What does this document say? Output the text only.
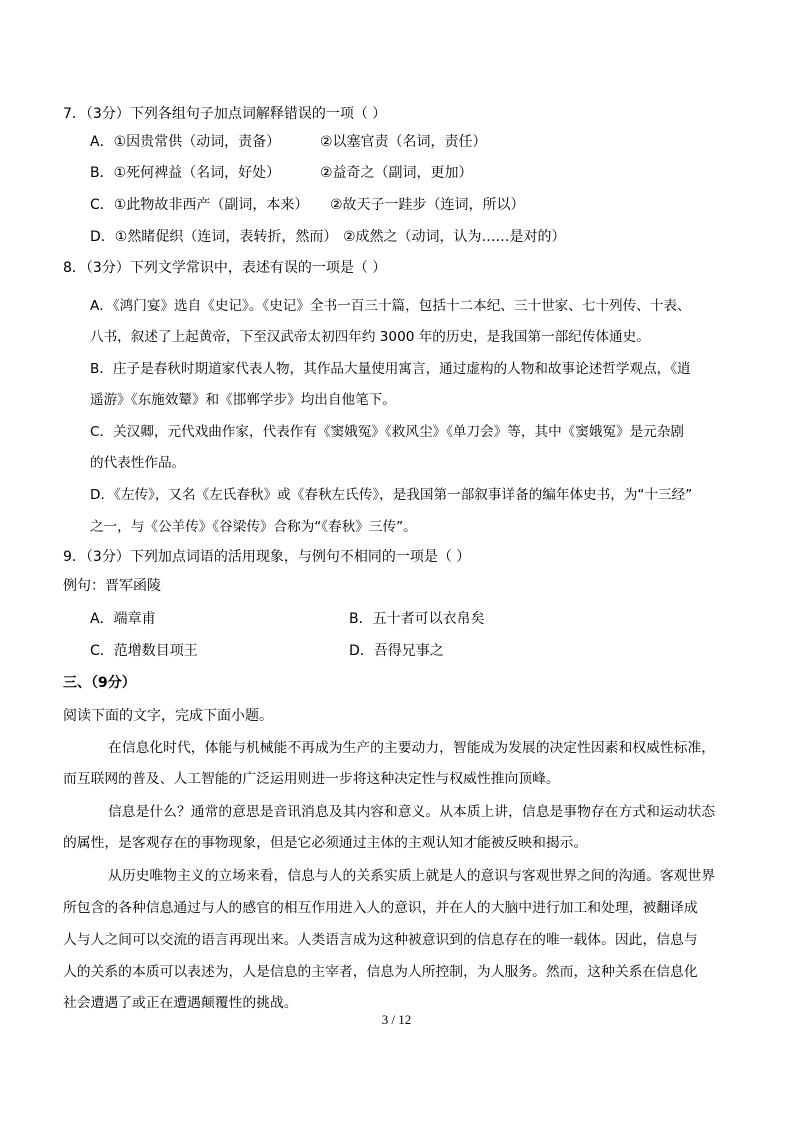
7．（3分）下列各组句子加点词解释错误的一项（ ）
A．①因贵常供（动词，责备）	②以塞官责（名词，责任）
B．①死何裨益（名词，好处）	②益奇之（副词，更加）
C．①此物故非西产（副词，本来） ②故天子一跬步（连词，所以）
D．①然睹促织（连词，表转折，然而） ②成然之（动词，认为……是对的）
8．（3分）下列文学常识中，表述有误的一项是（ ）
A．《鸿门宴》选自《史记》。《史记》全书一百三十篇，包括十二本纪、三十世家、七十列传、十表、
八书，叙述了上起黄帝，下至汉武帝太初四年约 3000 年的历史，是我国第一部纪传体通史。
B．庄子是春秋时期道家代表人物，其作品大量使用寓言，通过虚构的人物和故事论述哲学观点，《逍
遥游》《东施效颦》和《邯郸学步》均出自他笔下。
C．关汉卿，元代戏曲作家，代表作有《窦娥冤》《救风尘》《单刀会》等，其中《窦娥冤》是元杂剧
的代表性作品。
D．《左传》，又名《左氏春秋》或《春秋左氏传》，是我国第一部叙事详备的编年体史书，为“十三经”
之一，与《公羊传》《谷梁传》合称为“《春秋》三传”。
9．（3分）下列加点词语的活用现象，与例句不相同的一项是（ ）
例句：晋军函陵
A．端章甫	B．五十者可以衣帛矣
C．范增数目项王	D．吾得兄事之
三、（9分）
阅读下面的文字，完成下面小题。
在信息化时代，体能与机械能不再成为生产的主要动力，智能成为发展的决定性因素和权威性标准，
而互联网的普及、人工智能的广泛运用则进一步将这种决定性与权威性推向顶峰。
信息是什么？通常的意思是音讯消息及其内容和意义。从本质上讲，信息是事物存在方式和运动状态
的属性，是客观存在的事物现象，但是它必须通过主体的主观认知才能被反映和揭示。
从历史唯物主义的立场来看，信息与人的关系实质上就是人的意识与客观世界之间的沟通。客观世界
所包含的各种信息通过与人的感官的相互作用进入人的意识，并在人的大脑中进行加工和处理，被翻译成
人与人之间可以交流的语言再现出来。人类语言成为这种被意识到的信息存在的唯一载体。因此，信息与
人的关系的本质可以表述为，人是信息的主宰者，信息为人所控制，为人服务。然而，这种关系在信息化
社会遭遇了或正在遭遇颠覆性的挑战。
3 / 12
